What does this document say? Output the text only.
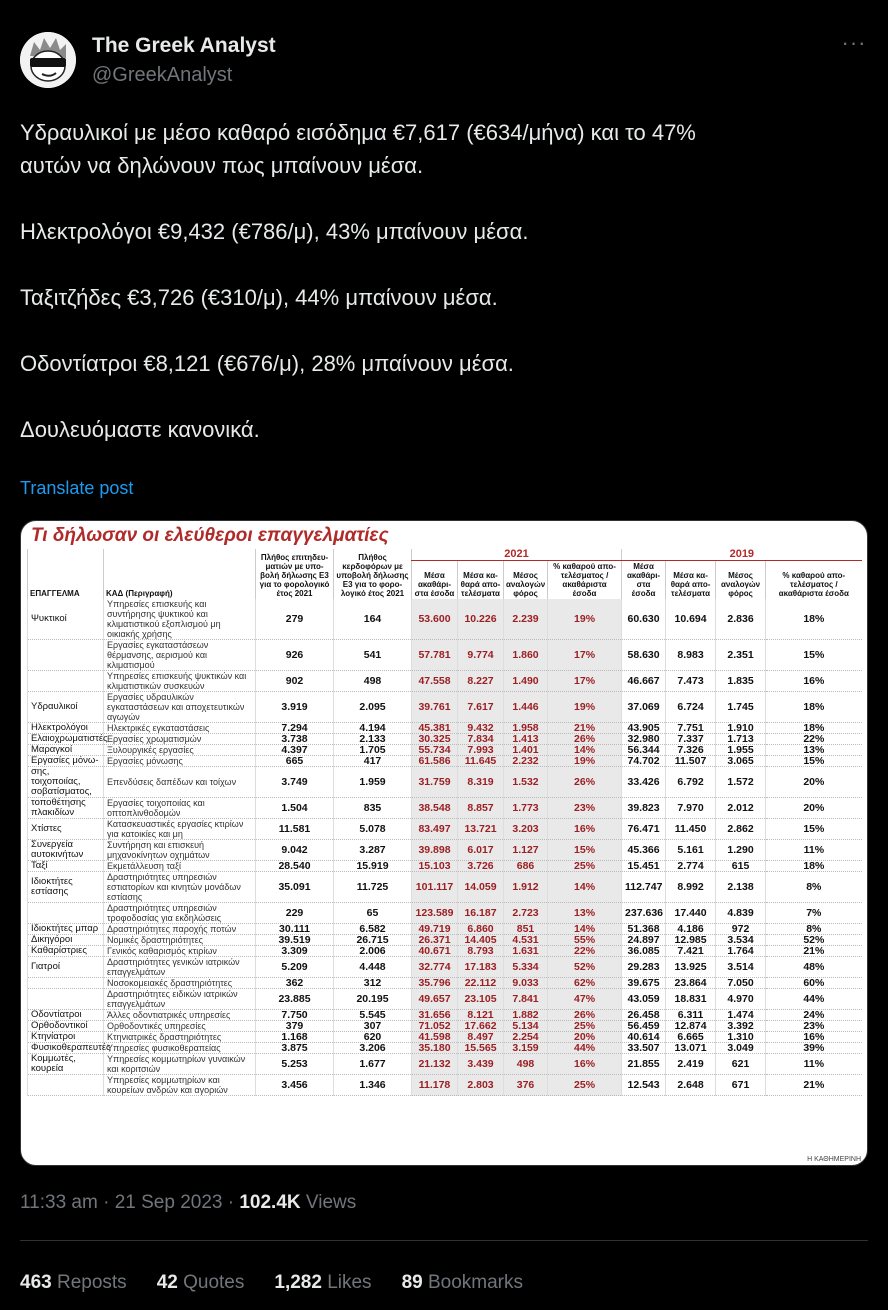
The Greek Analyst
@GreekAnalyst
···

Υδραυλικοί με μέσο καθαρό εισόδημα €7,617 (€634/μήνα) και το 47%

αυτών να δηλώνουν πως μπαίνουν μέσα.

Ηλεκτρολόγοι €9,432 (€786/μ), 43% μπαίνουν μέσα.

Ταξιτζήδες €3,726 (€310/μ), 44% μπαίνουν μέσα.

Οδοντίατροι €8,121 (€676/μ), 28% μπαίνουν μέσα.

Δουλευόμαστε κανονικά.

Translate post
Τι δήλωσαν οι ελεύθεροι επαγγελματίες
ΕΠΑΓΓΕΛΜΑ	ΚΑΔ (Περιγραφή)	Πλήθος επιτηδευ-ματιών με υπο-βολή δήλωσης Ε3 για το φορολογικό έτος 2021	Πλήθος κερδοφόρων με υποβολή δήλωσης Ε3 για το φορο-λογικό έτος 2021	2021				2019			
				Μέσα ακαθάρι-στα έσοδα	Μέσα κα-θαρά απο-τελέσματα	Μέσος αναλογών φόρος	% καθαρού απο-τελέσματος / ακαθάριστα έσοδα	Μέσα ακαθάρι-στα έσοδα	Μέσα κα-θαρά απο-τελέσματα	Μέσος αναλογών φόρος	% καθαρού απο-τελέσματος / ακαθάριστα έσοδα
Ψυκτικοί	Υπηρεσίες επισκευής και συντήρησης ψυκτικού και κλιματιστικού εξοπλισμού μη οικιακής χρήσης	279	164	53.600	10.226	2.239	19%	60.630	10.694	2.836	18%
	Εργασίες εγκαταστάσεων θέρμανσης, αερισμού και κλιματισμού	926	541	57.781	9.774	1.860	17%	58.630	8.983	2.351	15%
	Υπηρεσίες επισκευής ψυκτικών και κλιματιστικών συσκευών	902	498	47.558	8.227	1.490	17%	46.667	7.473	1.835	16%
Υδραυλικοί	Εργασίες υδραυλικών εγκαταστάσεων και αποχετευτικών αγωγών	3.919	2.095	39.761	7.617	1.446	19%	37.069	6.724	1.745	18%
Ηλεκτρολόγοι	Ηλεκτρικές εγκαταστάσεις	7.294	4.194	45.381	9.432	1.958	21%	43.905	7.751	1.910	18%
Ελαιοχρωματιστές	Εργασίες χρωματισμών	3.738	2.133	30.325	7.834	1.413	26%	32.980	7.337	1.713	22%
Μαραγκοί	Ξυλουργικές εργασίες	4.397	1.705	55.734	7.993	1.401	14%	56.344	7.326	1.955	13%
Εργασίες μόνω-	Εργασίες μόνωσης	665	417	61.586	11.645	2.232	19%	74.702	11.507	3.065	15%
σης, τοιχοποιίας, σοβατίσματος,	Επενδύσεις δαπέδων και τοίχων	3.749	1.959	31.759	8.319	1.532	26%	33.426	6.792	1.572	20%
τοποθέτησης πλακιδίων	Εργασίες τοιχοποιίας και οπτοπλινθοδομών	1.504	835	38.548	8.857	1.773	23%	39.823	7.970	2.012	20%
Χτίστες	Κατασκευαστικές εργασίες κτιρίων για κατοικίες και μη	11.581	5.078	83.497	13.721	3.203	16%	76.471	11.450	2.862	15%
Συνεργεία αυτοκινήτων	Συντήρηση και επισκευή μηχανοκίνητων οχημάτων	9.042	3.287	39.898	6.017	1.127	15%	45.366	5.161	1.290	11%
Ταξί	Εκμετάλλευση ταξί	28.540	15.919	15.103	3.726	686	25%	15.451	2.774	615	18%
Ιδιοκτήτες εστίασης	Δραστηριότητες υπηρεσιών εστιατορίων και κινητών μονάδων εστίασης	35.091	11.725	101.117	14.059	1.912	14%	112.747	8.992	2.138	8%
	Δραστηριότητες υπηρεσιών τροφοδοσίας για εκδηλώσεις	229	65	123.589	16.187	2.723	13%	237.636	17.440	4.839	7%
Ιδιοκτήτες μπαρ	Δραστηριότητες παροχής ποτών	30.111	6.582	49.719	6.860	851	14%	51.368	4.186	972	8%
Δικηγόροι	Νομικές δραστηριότητες	39.519	26.715	26.371	14.405	4.531	55%	24.897	12.985	3.534	52%
Καθαρίστριες	Γενικός καθαρισμός κτιρίων	3.309	2.006	40.671	8.793	1.631	22%	36.085	7.421	1.764	21%
Γιατροί	Δραστηριότητες γενικών ιατρικών επαγγελμάτων	5.209	4.448	32.774	17.183	5.334	52%	29.283	13.925	3.514	48%
	Νοσοκομειακές δραστηριότητες	362	312	35.796	22.112	9.033	62%	39.675	23.864	7.050	60%
	Δραστηριότητες ειδικών ιατρικών επαγγελμάτων	23.885	20.195	49.657	23.105	7.841	47%	43.059	18.831	4.970	44%
Οδοντίατροι	Άλλες οδοντιατρικές υπηρεσίες	7.750	5.545	31.656	8.121	1.882	26%	26.458	6.311	1.474	24%
Ορθοδοντικοί	Ορθοδοντικές υπηρεσίες	379	307	71.052	17.662	5.134	25%	56.459	12.874	3.392	23%
Κτηνίατροι	Κτηνιατρικές δραστηριότητες	1.168	620	41.598	8.497	2.254	20%	40.614	6.665	1.310	16%
Φυσικοθεραπευτές	Υπηρεσίες φυσικοθεραπείας	3.875	3.206	35.180	15.565	3.159	44%	33.507	13.071	3.049	39%
Κομμωτές, κουρεία	Υπηρεσίες κομμωτηρίων γυναικών και κοριτσιών	5.253	1.677	21.132	3.439	498	16%	21.855	2.419	621	11%
	Υπηρεσίες κομμωτηρίων και κουρείων ανδρών και αγοριών	3.456	1.346	11.178	2.803	376	25%	12.543	2.648	671	21%
Η ΚΑΘΗΜΕΡΙΝΗ
11:33 am · 21 Sep 2023 · 102.4K Views
463 Reposts 42 Quotes 1,282 Likes 89 Bookmarks
